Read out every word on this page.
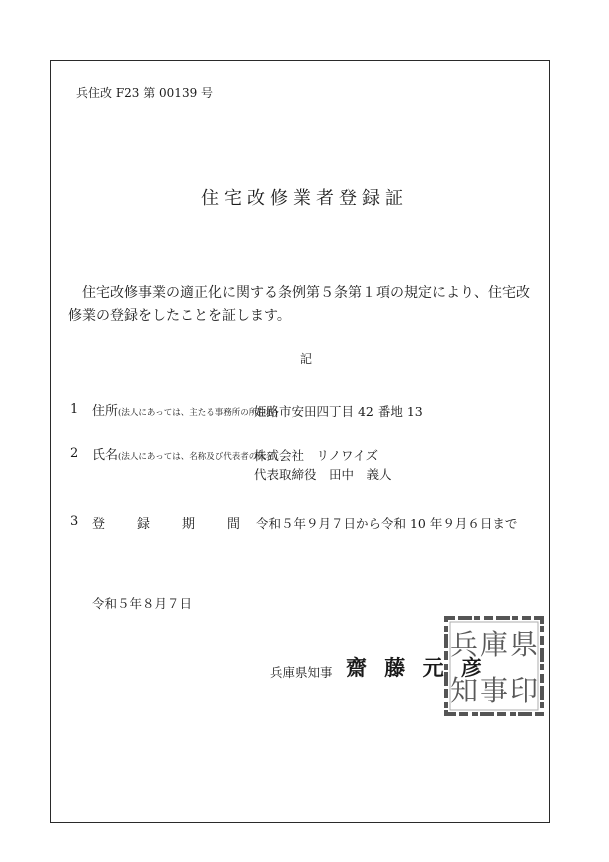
兵住改 F23 第 00139 号
住宅改修業者登録証
住宅改修事業の適正化に関する条例第５条第１項の規定により、住宅改修業の登録をしたことを証します。
記
1 住所(法人にあっては、主たる事務所の所在地)
姫路市安田四丁目 42 番地 13
2 氏名(法人にあっては、名称及び代表者の氏名)
株式会社　リノワイズ
代表取締役　田中　義人
3 登　　録　　期　　間 令和５年９月７日から令和 10 年９月６日まで
令和５年８月７日
兵庫県知事 齋 藤 元 彦
兵 庫 県
知 事 印
